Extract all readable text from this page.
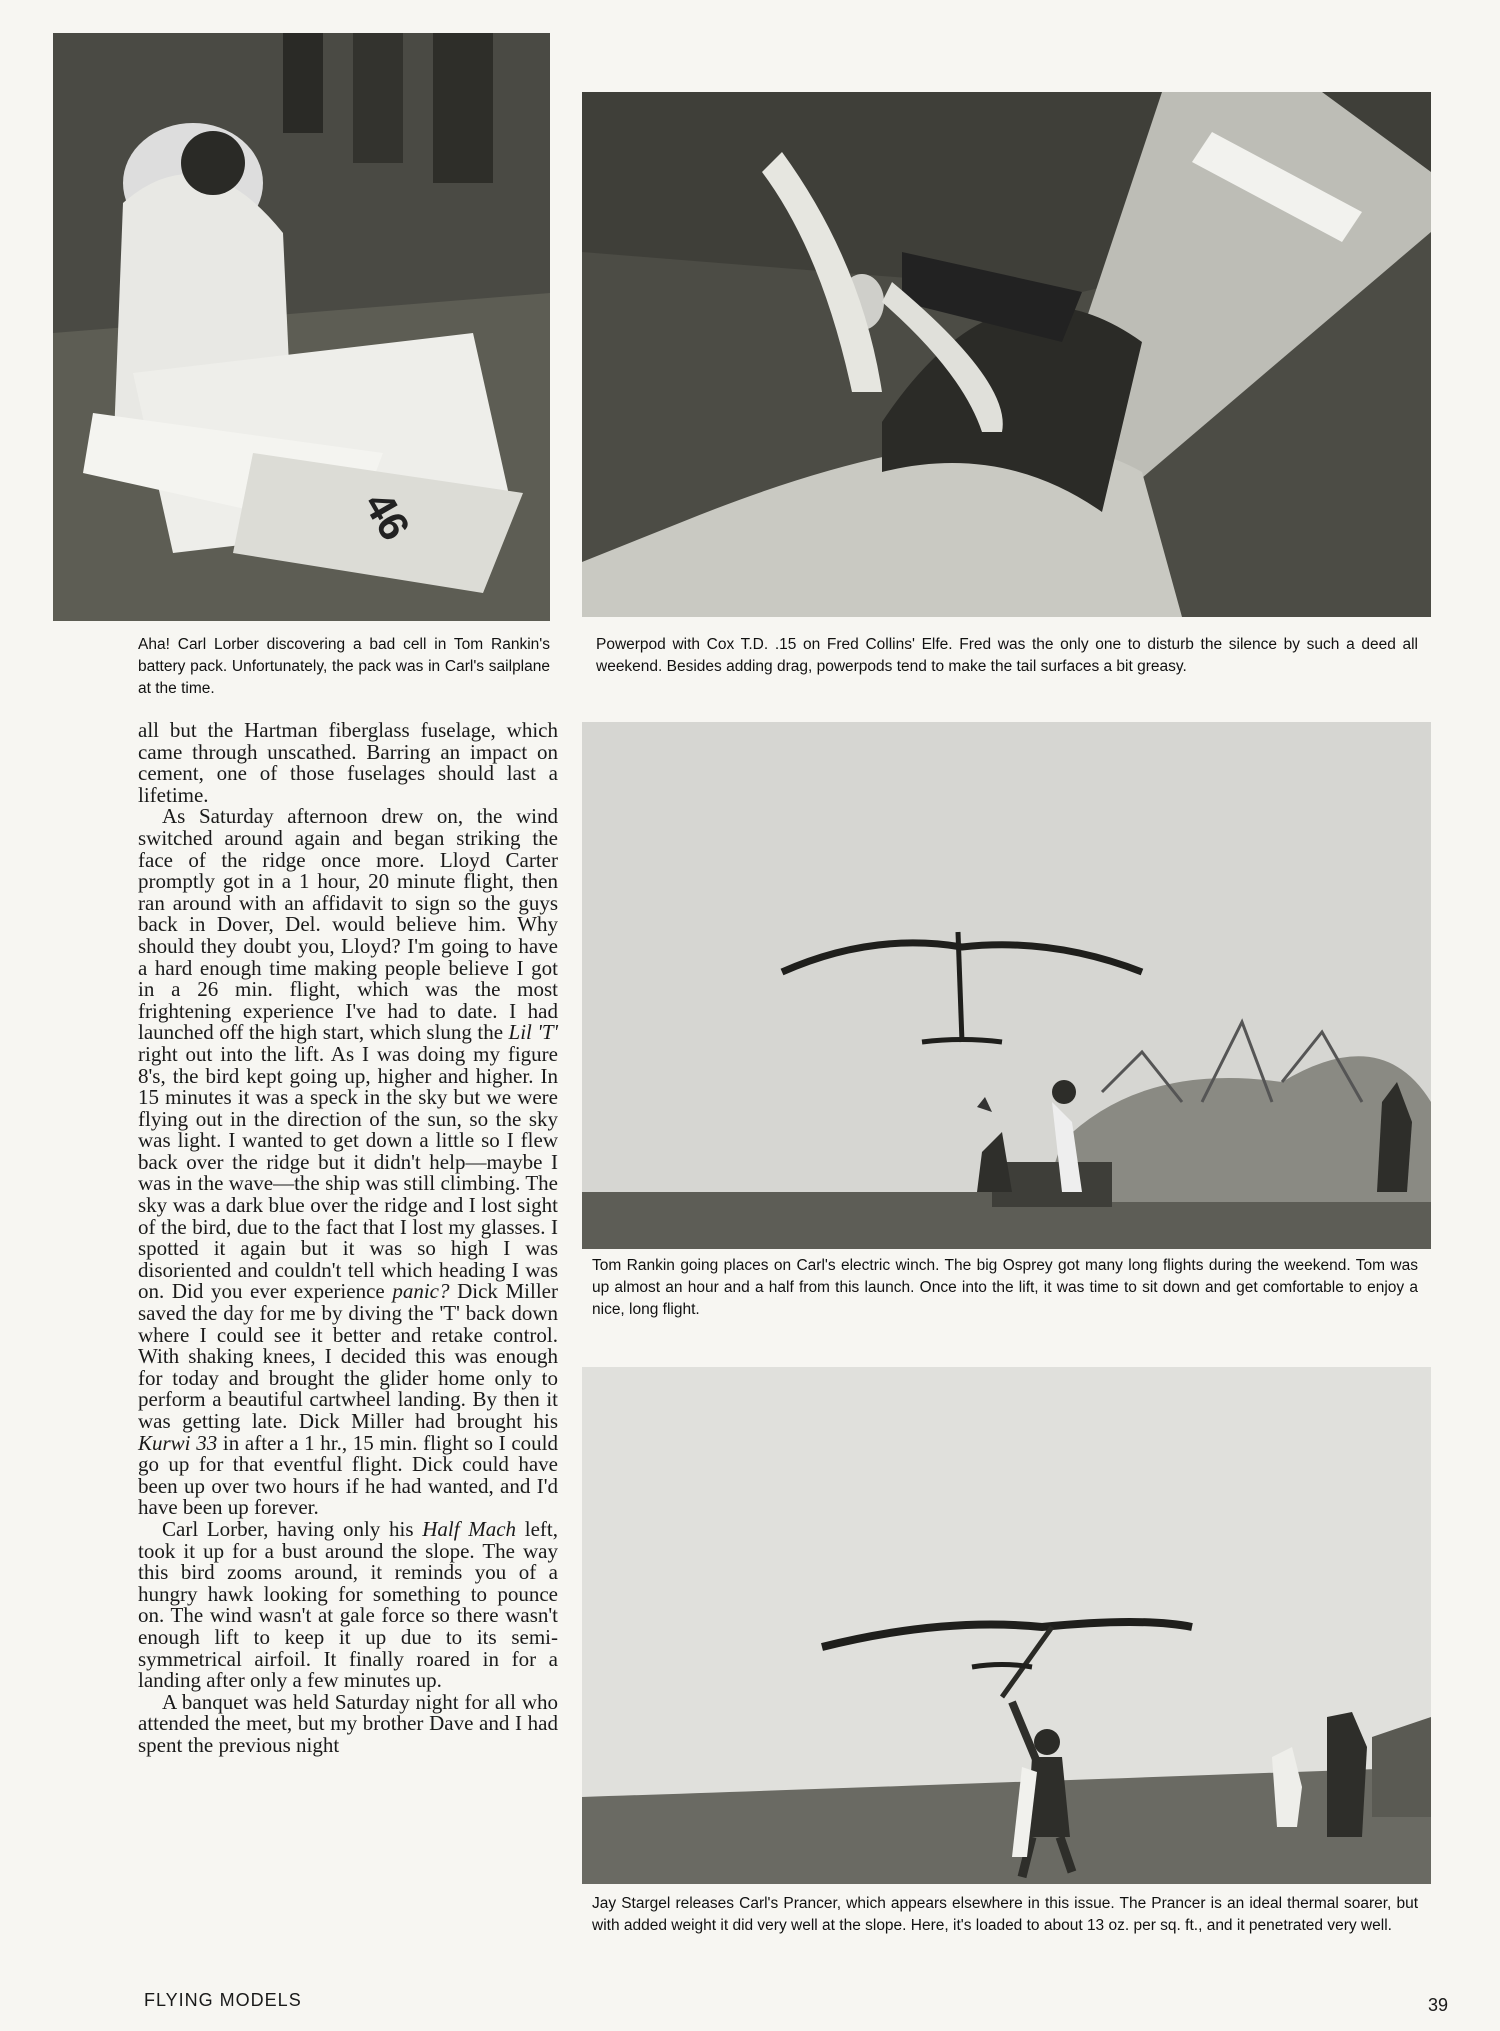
46

Aha! Carl Lorber discovering a bad cell in Tom Rankin's battery pack. Unfortunately, the pack was in Carl's sailplane at the time.

Powerpod with Cox T.D. .15 on Fred Collins' Elfe. Fred was the only one to disturb the silence by such a deed all weekend. Besides adding drag, powerpods tend to make the tail surfaces a bit greasy.

all but the Hartman fiberglass fuselage, which came through unscathed. Barring an impact on cement, one of those fuselages should last a lifetime.

As Saturday afternoon drew on, the wind switched around again and began striking the face of the ridge once more. Lloyd Carter promptly got in a 1 hour, 20 minute flight, then ran around with an affidavit to sign so the guys back in Dover, Del. would believe him. Why should they doubt you, Lloyd? I'm going to have a hard enough time making people believe I got in a 26 min. flight, which was the most frightening experience I've had to date. I had launched off the high start, which slung the Lil 'T' right out into the lift. As I was doing my figure 8's, the bird kept going up, higher and higher. In 15 minutes it was a speck in the sky but we were flying out in the direction of the sun, so the sky was light. I wanted to get down a little so I flew back over the ridge but it didn't help—maybe I was in the wave—the ship was still climbing. The sky was a dark blue over the ridge and I lost sight of the bird, due to the fact that I lost my glasses. I spotted it again but it was so high I was disoriented and couldn't tell which heading I was on. Did you ever experience panic? Dick Miller saved the day for me by diving the 'T' back down where I could see it better and retake control. With shaking knees, I decided this was enough for today and brought the glider home only to perform a beautiful cartwheel landing. By then it was getting late. Dick Miller had brought his Kurwi 33 in after a 1 hr., 15 min. flight so I could go up for that eventful flight. Dick could have been up over two hours if he had wanted, and I'd have been up forever.

Carl Lorber, having only his Half Mach left, took it up for a bust around the slope. The way this bird zooms around, it reminds you of a hungry hawk looking for something to pounce on. The wind wasn't at gale force so there wasn't enough lift to keep it up due to its semi-symmetrical airfoil. It finally roared in for a landing after only a few minutes up.

A banquet was held Saturday night for all who attended the meet, but my brother Dave and I had spent the previous night

Tom Rankin going places on Carl's electric winch. The big Osprey got many long flights during the weekend. Tom was up almost an hour and a half from this launch. Once into the lift, it was time to sit down and get comfortable to enjoy a nice, long flight.

Jay Stargel releases Carl's Prancer, which appears elsewhere in this issue. The Prancer is an ideal thermal soarer, but with added weight it did very well at the slope. Here, it's loaded to about 13 oz. per sq. ft., and it penetrated very well.

FLYING MODELS	39
